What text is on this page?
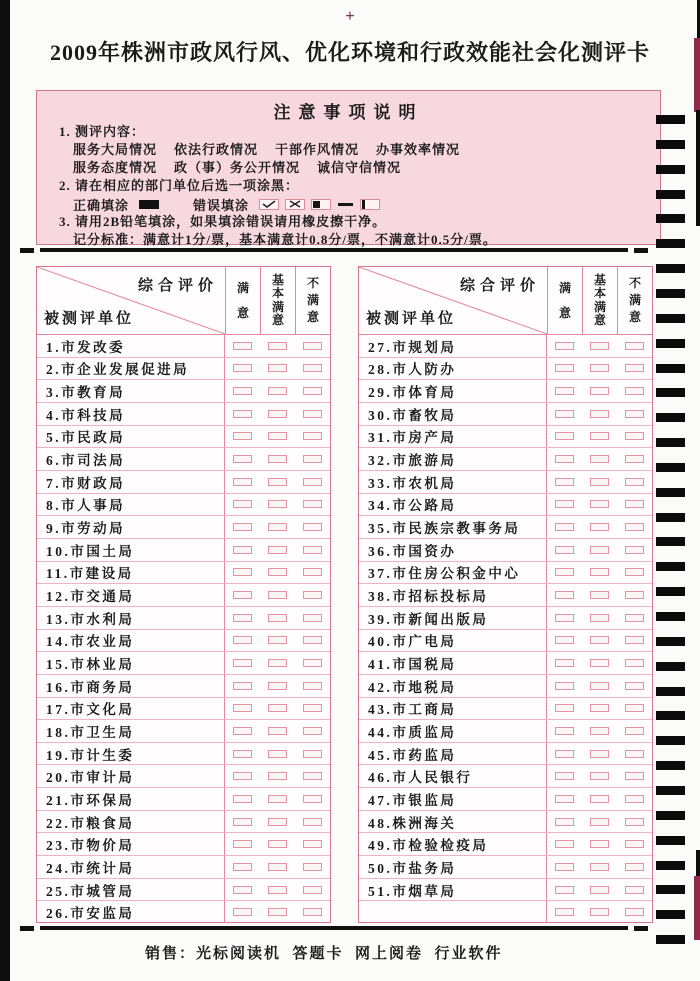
+
2009年株洲市政风行风、优化环境和行政效能社会化测评卡
注意事项说明
1. 测评内容：
服务大局情况    依法行政情况    干部作风情况    办事效率情况
服务态度情况    政（事）务公开情况    诚信守信情况
2. 请在相应的部门单位后选一项涂黑：
正确填涂	错误填涂
3. 请用2B铅笔填涂，如果填涂错误请用橡皮擦干净。
记分标准：满意计1分/票，基本满意计0.8分/票，不满意计0.5分/票。
综合评价
被测评单位
满意
基本满意
不满意
1.市发改委
2.市企业发展促进局
3.市教育局
4.市科技局
5.市民政局
6.市司法局
7.市财政局
8.市人事局
9.市劳动局
10.市国土局
11.市建设局
12.市交通局
13.市水利局
14.市农业局
15.市林业局
16.市商务局
17.市文化局
18.市卫生局
19.市计生委
20.市审计局
21.市环保局
22.市粮食局
23.市物价局
24.市统计局
25.市城管局
26.市安监局
综合评价
被测评单位
满意
基本满意
不满意
27.市规划局
28.市人防办
29.市体育局
30.市畜牧局
31.市房产局
32.市旅游局
33.市农机局
34.市公路局
35.市民族宗教事务局
36.市国资办
37.市住房公积金中心
38.市招标投标局
39.市新闻出版局
40.市广电局
41.市国税局
42.市地税局
43.市工商局
44.市质监局
45.市药监局
46.市人民银行
47.市银监局
48.株洲海关
49.市检验检疫局
50.市盐务局
51.市烟草局
销售：光标阅读机  答题卡  网上阅卷  行业软件
